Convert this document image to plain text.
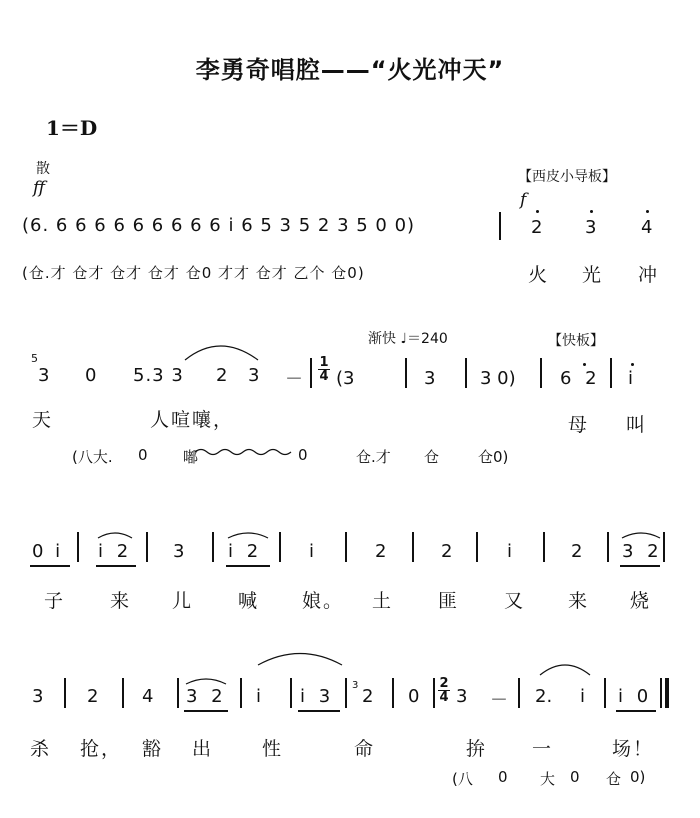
李勇奇唱腔——“火光冲天”
1＝D
散
ff
【西皮小导板】
f
(6. 6 6 6 6 6 6 6 6 6 i 6 5 3 5 2 3 5 0 0)	2 3 4
(仓.才 仓才 仓才 仓才 仓0 才才 仓才 乙个 仓0)	火 光 冲
渐快 ♩＝240	【快板】
5
3 0 5.3 3 2 3 －
1
4 (3	3 3 0) 6 2 i
天	人喧嚷，	母 叫
(八大. 0 嘟	0	仓.才 仓	仓0)
0 i i 2 3 i 2	i	2	2	i	2 3 2
子 来 儿 喊 娘。 土 匪 又 来 烧
3 2 4 3 2 i i 3
3
2 0
2
4 3 － 2. i i 0
杀 抢， 豁 出	性	命	拚 一	场！
(八 0 大 0 仓 0)
